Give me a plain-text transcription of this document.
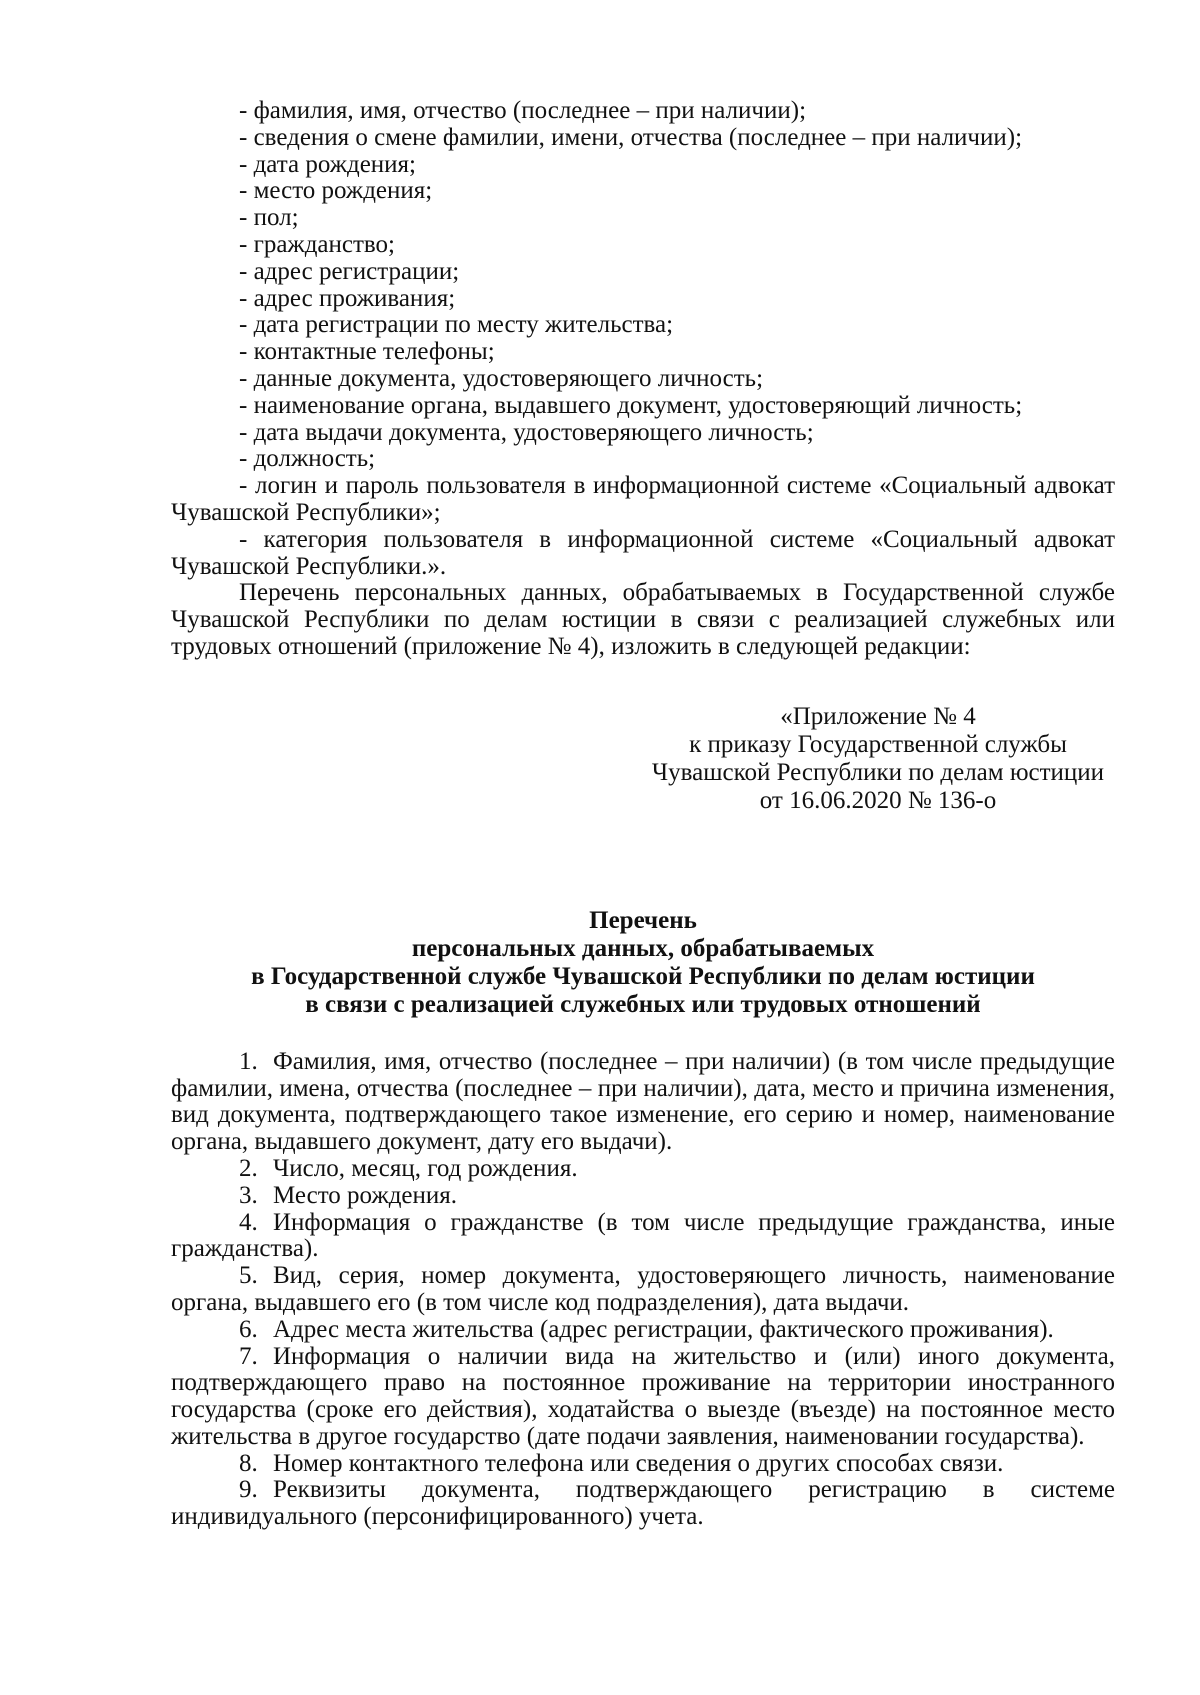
- фамилия, имя, отчество (последнее – при наличии);
- сведения о смене фамилии, имени, отчества (последнее – при наличии);
- дата рождения;
- место рождения;
- пол;
- гражданство;
- адрес регистрации;
- адрес проживания;
- дата регистрации по месту жительства;
- контактные телефоны;
- данные документа, удостоверяющего личность;
- наименование органа, выдавшего документ, удостоверяющий личность;
- дата выдачи документа, удостоверяющего личность;
- должность;

- логин и пароль пользователя в информационной системе «Социальный адвокат Чувашской Республики»;

- категория пользователя в информационной системе «Социальный адвокат Чувашской Республики.».

Перечень персональных данных, обрабатываемых в Государственной службе Чувашской Республики по делам юстиции в связи с реализацией служебных или трудовых отношений (приложение № 4), изложить в следующей редакции:

«Приложение № 4
к приказу Государственной службы
Чувашской Республики по делам юстиции
от 16.06.2020 № 136-о
Перечень
персональных данных, обрабатываемых
в Государственной службе Чувашской Республики по делам юстиции
в связи с реализацией служебных или трудовых отношений

1. Фамилия, имя, отчество (последнее – при наличии) (в том числе предыдущие фамилии, имена, отчества (последнее – при наличии), дата, место и причина изменения, вид документа, подтверждающего такое изменение, его серию и номер, наименование органа, выдавшего документ, дату его выдачи).

2. Число, месяц, год рождения.

3. Место рождения.

4. Информация о гражданстве (в том числе предыдущие гражданства, иные гражданства).

5. Вид, серия, номер документа, удостоверяющего личность, наименование органа, выдавшего его (в том числе код подразделения), дата выдачи.

6. Адрес места жительства (адрес регистрации, фактического проживания).

7. Информация о наличии вида на жительство и (или) иного документа, подтверждающего право на постоянное проживание на территории иностранного государства (сроке его действия), ходатайства о выезде (въезде) на постоянное место жительства в другое государство (дате подачи заявления, наименовании государства).

8. Номер контактного телефона или сведения о других способах связи.

9. Реквизиты документа, подтверждающего регистрацию в системе индивидуального (персонифицированного) учета.
